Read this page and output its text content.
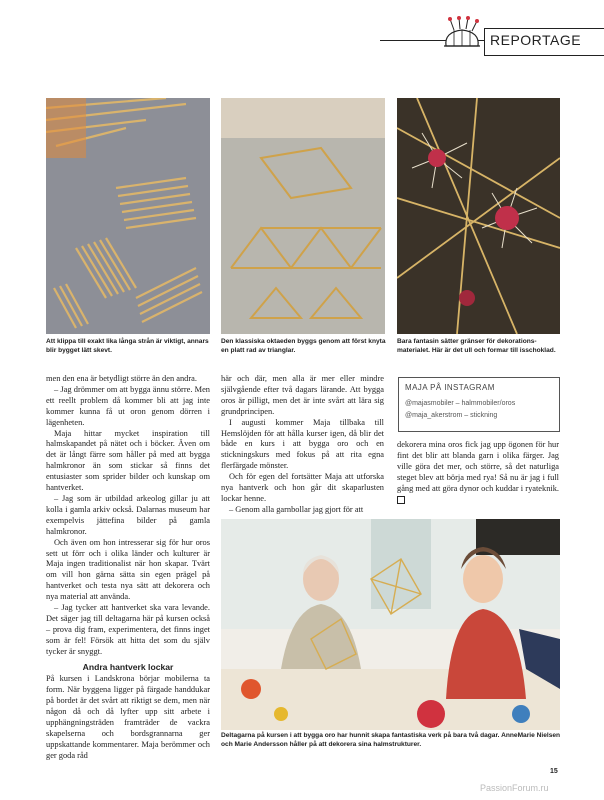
REPORTAGE
Att klippa till exakt lika långa strån är viktigt, annars blir bygget lätt skevt.
Den klassiska oktaeden byggs genom att först knyta en platt rad av trianglar.
Bara fantasin sätter gränser för dekorations-materialet. Här är det ull och formar till isschoklad.

men den ena är betydligt större än den andra.

– Jag drömmer om att bygga ännu större. Men ett reellt problem då kommer bli att jag inte kommer kunna få ut oron genom dörren i lägenheten.

Maja hittar mycket inspiration till halmskapandet på nätet och i böcker. Även om det är långt färre som håller på med att bygga halmkronor än som stickar så finns det entusiaster som sprider bilder och kunskap om hantverket.

– Jag som är utbildad arkeolog gillar ju att kolla i gamla arkiv också. Dalarnas museum har exempelvis jättefina bilder på gamla halmkronor.

Och även om hon intresserar sig för hur oros sett ut förr och i olika länder och kulturer är Maja ingen traditionalist när hon skapar. Tvärt om vill hon gärna sätta sin egen prägel på hantverket och testa nya sätt att dekorera och nya material att använda.

– Jag tycker att hantverket ska vara levande. Det säger jag till deltagarna här på kursen också – prova dig fram, experimentera, det finns inget som är fel! Försök att hitta det som du själv tycker är snyggt.

Andra hantverk lockar

På kursen i Landskrona börjar mobilerna ta form. När byggena ligger på färgade handdukar på bordet är det svårt att riktigt se dem, men när någon då och då lyfter upp sitt arbete i upphängningsträden framträder de vackra skapelserna och bordsgrannarna ger uppskattande kommentarer. Maja berömmer och ger goda råd

här och där, men alla är mer eller mindre självgående efter två dagars lärande. Att bygga oros är pilligt, men det är inte svårt att lära sig grundprincipen.

I augusti kommer Maja tillbaka till Hemslöjden för att hålla kurser igen, då blir det både en kurs i att bygga oro och en stickningskurs med fokus på att rita egna flerfärgade mönster.

Och för egen del fortsätter Maja att utforska nya hantverk och hon går dit skaparlusten lockar henne.

– Genom alla garnbollar jag gjort för att

MAJA PÅ INSTAGRAM
@majasmobiler – halmmobiler/oros
@maja_akerstrom – stickning

dekorera mina oros fick jag upp ögonen för hur fint det blir att blanda garn i olika färger. Jag ville göra det mer, och större, så det naturliga steget blev att börja med rya! Så nu är jag i full gång med att göra dynor och kuddar i ryateknik.

Deltagarna på kursen i att bygga oro har hunnit skapa fantastiska verk på bara två dagar. AnneMarie Nielsen och Marie Andersson håller på att dekorera sina halmstrukturer.
15
PassionForum.ru
